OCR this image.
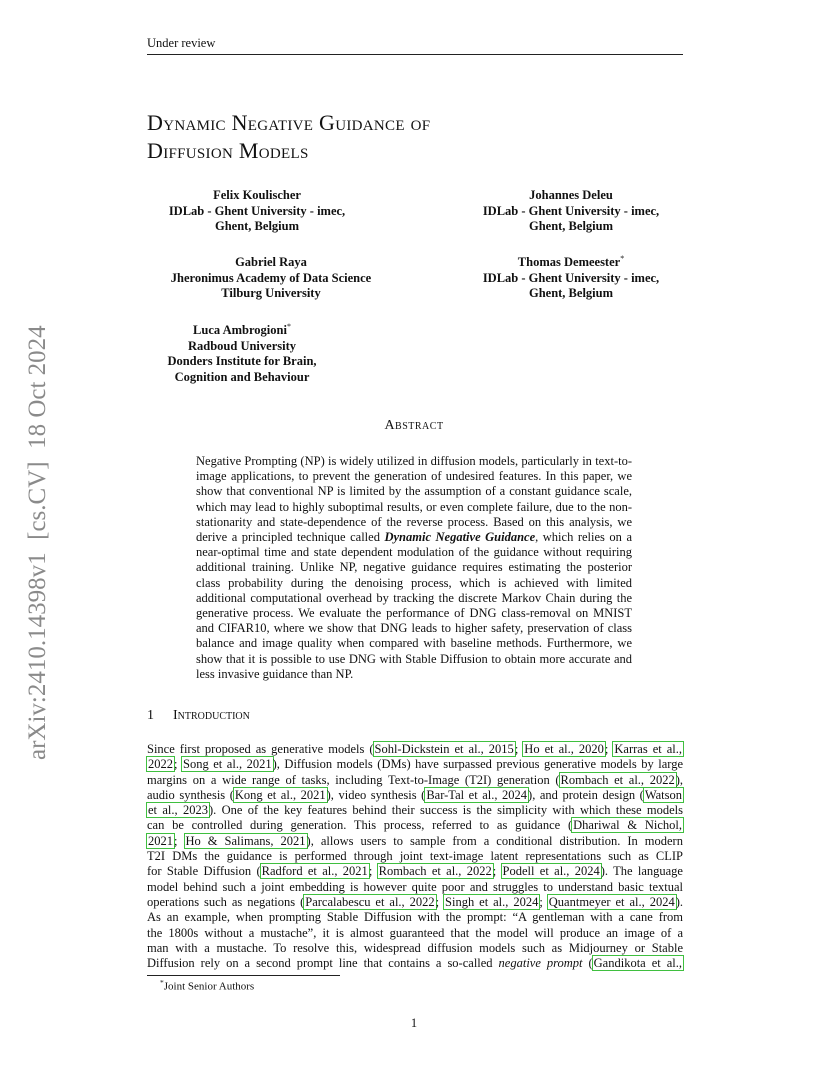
Under review
arXiv:2410.14398v1  [cs.CV]  18 Oct 2024
Dynamic Negative Guidance of
Diffusion Models
Felix Koulischer
IDLab - Ghent University - imec,
Ghent, Belgium
Johannes Deleu
IDLab - Ghent University - imec,
Ghent, Belgium
Gabriel Raya
Jheronimus Academy of Data Science
Tilburg University
Thomas Demeester*
IDLab - Ghent University - imec,
Ghent, Belgium
Luca Ambrogioni*
Radboud University
Donders Institute for Brain,
Cognition and Behaviour
Abstract
Negative Prompting (NP) is widely utilized in diffusion models, particularly in text-to-image applications, to prevent the generation of undesired features. In this paper, we show that conventional NP is limited by the assumption of a constant guidance scale, which may lead to highly suboptimal results, or even complete failure, due to the non-stationarity and state-dependence of the reverse process. Based on this analysis, we derive a principled technique called Dynamic Negative Guidance, which relies on a near-optimal time and state dependent modulation of the guidance without requiring additional training. Unlike NP, negative guidance requires estimating the posterior class probability during the denoising process, which is achieved with limited additional computational overhead by tracking the discrete Markov Chain during the generative process. We evaluate the performance of DNG class-removal on MNIST and CIFAR10, where we show that DNG leads to higher safety, preservation of class balance and image quality when compared with baseline methods. Furthermore, we show that it is possible to use DNG with Stable Diffusion to obtain more accurate and less invasive guidance than NP.
1 Introduction
Since first proposed as generative models (Sohl-Dickstein et al., 2015; Ho et al., 2020; Karras et al.,
2022; Song et al., 2021), Diffusion models (DMs) have surpassed previous generative models by large
margins on a wide range of tasks, including Text-to-Image (T2I) generation (Rombach et al., 2022),
audio synthesis (Kong et al., 2021), video synthesis (Bar-Tal et al., 2024), and protein design (Watson
et al., 2023). One of the key features behind their success is the simplicity with which these models
can be controlled during generation. This process, referred to as guidance (Dhariwal & Nichol,
2021; Ho & Salimans, 2021), allows users to sample from a conditional distribution. In modern
T2I DMs the guidance is performed through joint text-image latent representations such as CLIP
for Stable Diffusion (Radford et al., 2021; Rombach et al., 2022; Podell et al., 2024). The language
model behind such a joint embedding is however quite poor and struggles to understand basic textual
operations such as negations (Parcalabescu et al., 2022; Singh et al., 2024; Quantmeyer et al., 2024).
As an example, when prompting Stable Diffusion with the prompt: “A gentleman with a cane from
the 1800s without a mustache”, it is almost guaranteed that the model will produce an image of a
man with a mustache. To resolve this, widespread diffusion models such as Midjourney or Stable
Diffusion rely on a second prompt line that contains a so-called negative prompt (Gandikota et al.,
*Joint Senior Authors
1
